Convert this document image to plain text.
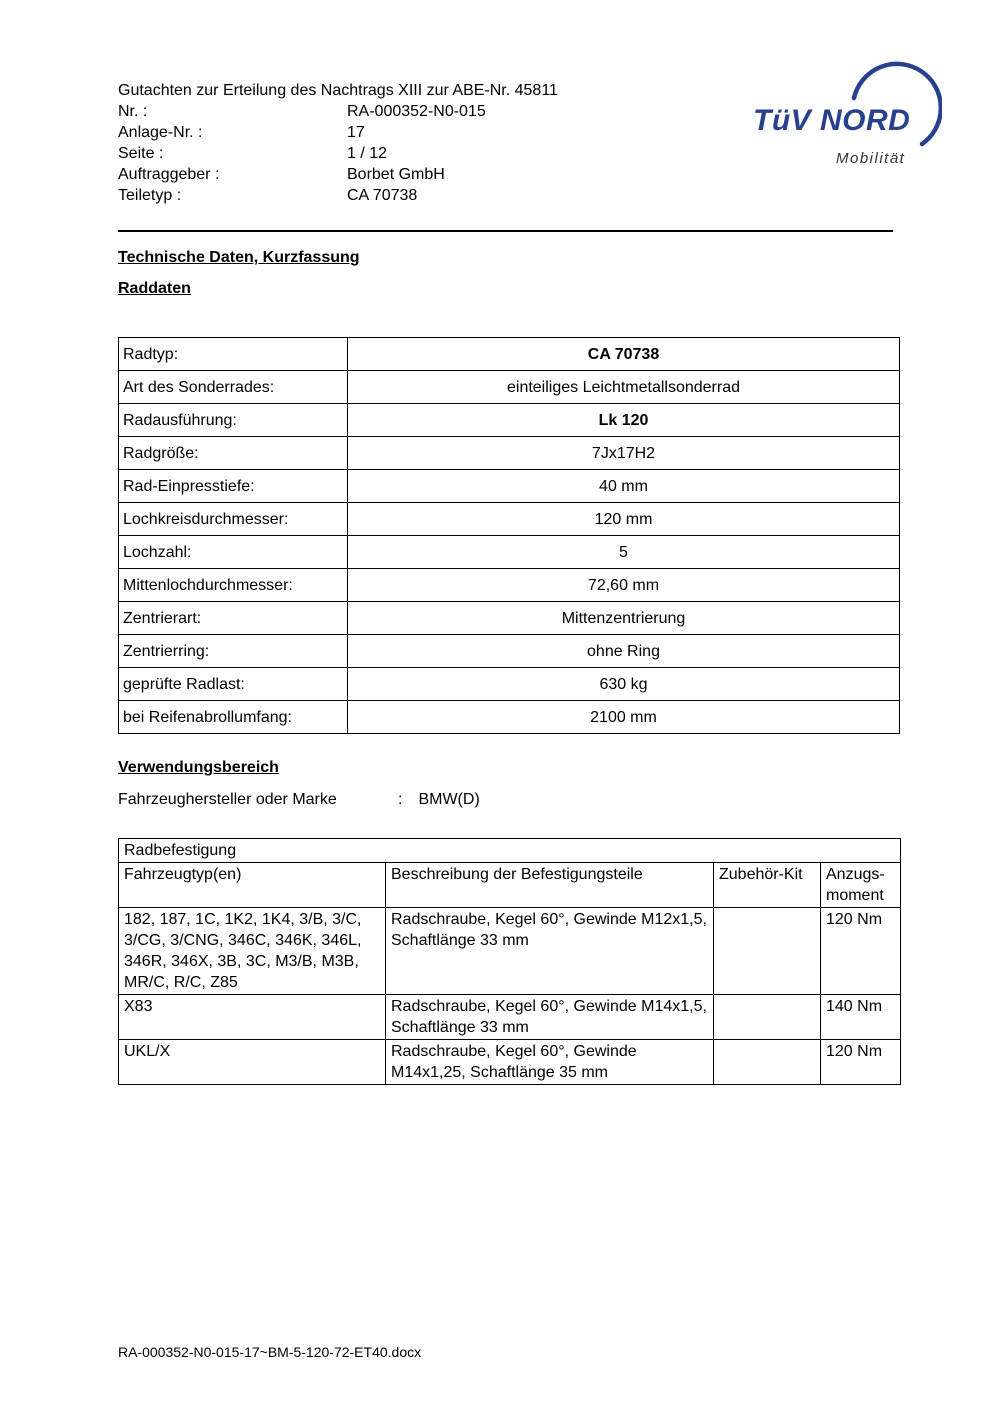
Gutachten zur Erteilung des Nachtrags XIII zur ABE-Nr. 45811
Nr. :	RA-000352-N0-015
Anlage-Nr. :	17
Seite :	1 / 12
Auftraggeber :	Borbet GmbH
Teiletyp :	CA 70738
TüV NORD
Mobilität
Technische Daten, Kurzfassung
Raddaten
Radtyp:	CA 70738
Art des Sonderrades:	einteiliges Leichtmetallsonderrad
Radausführung:	Lk 120
Radgröße:	7Jx17H2
Rad-Einpresstiefe:	40 mm
Lochkreisdurchmesser:	120 mm
Lochzahl:	5
Mittenlochdurchmesser:	72,60 mm
Zentrierart:	Mittenzentrierung
Zentrierring:	ohne Ring
geprüfte Radlast:	630 kg
bei Reifenabrollumfang:	2100 mm
Verwendungsbereich
Fahrzeughersteller oder Marke	: BMW(D)
Radbefestigung			
Fahrzeugtyp(en)	Beschreibung der Befestigungsteile	Zubehör-Kit	Anzugs-moment
182, 187, 1C, 1K2, 1K4, 3/B, 3/C, 3/CG, 3/CNG, 346C, 346K, 346L, 346R, 346X, 3B, 3C, M3/B, M3B, MR/C, R/C, Z85	Radschraube, Kegel 60°, Gewinde M12x1,5, Schaftlänge 33 mm		120 Nm
X83	Radschraube, Kegel 60°, Gewinde M14x1,5, Schaftlänge 33 mm		140 Nm
UKL/X	Radschraube, Kegel 60°, Gewinde M14x1,25, Schaftlänge 35 mm		120 Nm
RA-000352-N0-015-17~BM-5-120-72-ET40.docx
